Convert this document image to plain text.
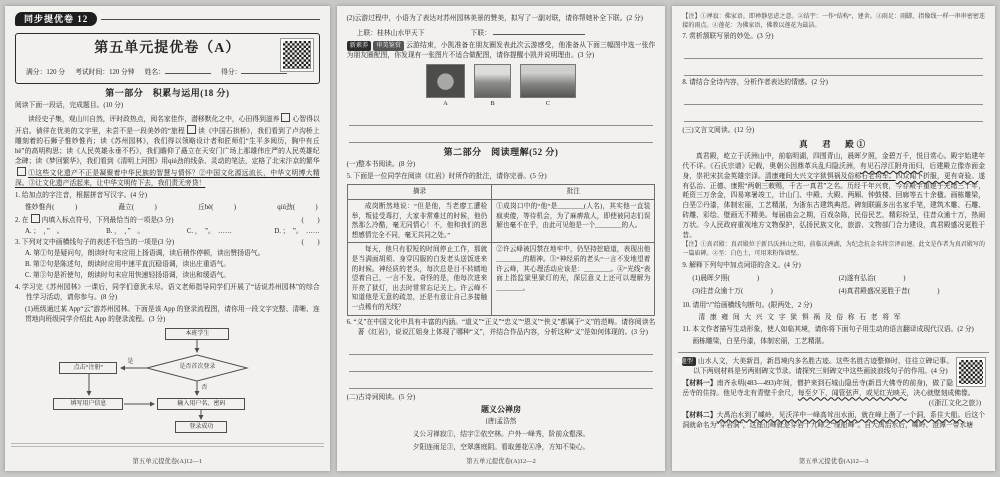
同步提优卷 12
第五单元提优卷（A）
满分：120 分 考试时间：120 分钟 姓名：	得分：
第一部分　积累与运用(18 分)
阅读下面一段话，完成题目。(10 分)

读经史子集，观山川自然，评时政热点，阅名家佳作，潜移默化之中，心田得到滋养 心智得以开启。徜徉在优美的文字里，未尝不是一段美妙的“旅程 读《中国石拱桥》，我们看到了卢沟桥上雕刻着的石狮子惟妙惟肖；读《苏州园林》，我们得以领略设计者和匠师们“生平多阅历，胸中有丘hè”的高明构思；读《人民英雄永垂不朽》，我们瞻仰了矗立在天安门广场上那雄伟庄严的人民英雄纪念碑；读《梦回繁华》，我们看到《清明上河图》用qiú劲的线条、灵动的笔法，定格了北宋汴京的繁华①这些文化遗产不正是凝聚着中华民族的智慧与情怀？②中国文化源远流长，中华文明博大精深。③让文化遗产活起来，让中华文明传下去，我们责无旁贷！

1. 给加点的字注音，根据拼音写汉字。(4 分)
惟妙惟肖(　　　)	矗立(　　　)	丘hè(　　　)	qiú劲(　　　)
2. 在 内填入标点符号，下列最恰当的一项是(3 分)	(　　)
A. ；　，”　。	B. ，　，”　。	C. ，　”。　……	D. ；　”。　……
3. 下列对文中画横线句子的表述不恰当的一项是(3 分)	(　　)
A. 第①句是疑问句，朗读时句末应用上扬语调，读后稍作停顿，读出赞扬语气。
B. 第②句是陈述句，朗读时应用中速平直沉稳语调，读出庄重语气。
C. 第③句是祈使句，朗读时句末应用快速轻扬语调，读出和缓语气。
4. 学习完《苏州园林》一课后，同学们意犹未尽。语文老师指导同学们开展了“话说苏州园林”的综合性学习活动，请你参与。(8 分)
(1)班级通过某 App“云”游苏州园林。下面是该 App 的登录流程图，请你用一段文字完整、清晰、连贯地向班级同学介绍此 App 的登录流程。(3 分)
本班学生
是否首次登录
是
否
点击“注册”
填写用户信息	输入用户名、密码
登录成功
第五单元提优卷(A)12—1
(2)云游过程中，小语为了表达对苏州园林美景的赞美，拟写了一副对联，请你帮她补全下联。(2 分)
上联：桂林山水甲天下	下联：
新素养 审美鉴赏 云游结束，小凯准备在朋友圈发表此次云游感受，他准备从下面三幅图中选一张作为朋友圈配图，你发现有一张图片不适合做配图，请你提醒小凯并说明理由。(3 分)
A	B	C
第二部分　阅读理解(52 分)
(一)整本书阅读。(8 分)
5. 下面是一位同学在阅读《红岩》时所作的批注，请你完善。(5 分)
摘录	批注
成岗断然地说：“但是他，当老廖工遭检举，叛徒受毒打，大家非常难过的时候，他仍然那么冷酷，毫无同情心！不，他和我们的思想感情完全不同，毫无共同之处。”	①成岗口中的“他”是________(人名)，其实他一直装疯卖傻，等待机会，为了麻痹敌人，即使被同志们误解也毫不在乎，由此可见他是一个________的人。
每天，他只有很短的时间停止工作，那就是当满面胡须、身穿囚服的白发老头送饭进来的时候。神经质的老头，每次总是目不转睛地望着自己，一言不发。奇怪的是，他每次进来开亮了狱灯，出去时常常忘记关上。许云峰不知道他是无意的疏忽，还是有意让自己多接触一点稀有的光线？	②许云峰被囚禁在地牢中，仍坚持挖暗道，表现出他________的精神。③“神经质的老头”一言不发地望着许云峰，其心理活动应该是：________。④“光线”表面上指监狱里狱灯的光，深层意义上还可以理解为________。
6. “义”在中国文化中具有丰富的内涵。“道义”“正义”“忠义”“恩义”“侠义”都属于“义”的范畴。请你阅读名著《红岩》，说说江姐身上体现了哪种“义”，并结合作品内容，分析这种“义”是如何体现的。(3 分)
(二)古诗词阅读。(5 分)
题义公禅房
[唐]孟浩然
义公习禅寂①，结宇②依空林。户外一峰秀，阶前众壑深。
夕阳连雨足③，空翠落庭阴。看取莲花④净，方知不染心。
第五单元提优卷(A)12—2
【注】①禅寂：佛家语，即禅静思虑之意。②结宇：一作“结构”，建舍。③雨足：雨脚，指像线一样一串串密密连接的雨点。④莲花：为佛家语，佛教以莲花为最洁。
7. 赏析颔联写景的妙处。(3 分)
8. 请结合全诗内容，分析作者表达的情感。(2 分)
(三)文言文阅读。(12 分)
真　君　殿①

真君殿，屹立于沃洲山中，前临明湖，四围青山，晨晖夕照，金碧万千，悦目赏心。殿宇始建年代不详。《石氏宗谱》记载，奥朝公因鼎革兵乱归隐沃洲，有见石浮江附舟而归，后建殿立像赤面金身，崇祀宋抗金英雄宗泽。清康雍间大兴文字狱惧祸及俗称石老将军。四众闻卜折服，更有奇验。遂有弘治、正德、康熙“两朝三敕赐，千古一真君”之名。历经千年兴衰，今存殿宇重建于光绪三十年，耗资三万余金，四易寒暑竣工，计山门、中殿、大殿、两厢、钟鼓楼、回廊等五十余楹。画栋雕梁，白垩②丹漆，体制宏丽，工艺精湛，为浙东古建筑典范。碑刻联匾多出名家手笔，建筑木雕、石雕、砖雕、彩绘、壁画无不精美。每届庙会之期，百戏杂陈，民俗民艺，精彩纷呈，往昔众逾十万，热闹万状。今人民政府重视地方文物保护，弘扬民族文化，旅游、文物部门合力建设，真君殿盛况更胜于昔。

【注】①真君殿：真君殿位于新昌沃洲山之阳，前临沃洲湖，为纪念抗金名将宗泽而建。此文是作者为真君殿写的一篇庙碑。②垩：白色土，可用来粉饰墙壁。
9. 解释下列句中加点词语的含义。(4 分)
(1)晨晖夕照(　　　　)	(2)遂有弘治(　　　　)
(3)往昔众逾十万(　　　　)	(4)真君殿盛况更胜于昔(　　　　)
10. 请用“/”给画横线句断句。(限两处，2 分)
清 康 雍 间 大 兴 文 字 狱 惧 祸 及 俗 称 石 老 将 军
11. 本文作者描写生动形象，使人如临其境，请你将下面句子用生动的语言翻译成现代汉语。(2 分)
画栋雕梁，白垩丹漆，体制宏丽，工艺精湛。
新题型 山水人文，大美新昌，新昌境内多名胜古迹。这些名胜古迹整修时，往往立碑记事。以下两则材料是另两则碑文节录。请探究三则碑文中这些画波浪线句子的作用。(4 分)

【材料一】南齐永明(483—493)年间，僧护来到石城山隐岳寺(新昌大佛寺的前身)，做了隐岳寺的住持。他见寺北有青壁千余尺，每至夕下，闻管弦声，或见红光映天，决心就壁刻成佛像。
(《浙江文化之旅》)

【材料二】大禹治水到了嵊岭，见沃洋中一峰高耸出水面，就在峰上凿了一个洞，系住大船。后这个洞就命名为“穿岩洞”，这座山峰就是穿岩十九峰之“缆船峰”。自大禹治水后，嵊岭、澄潭一带水塘

第五单元提优卷(A)12—3
